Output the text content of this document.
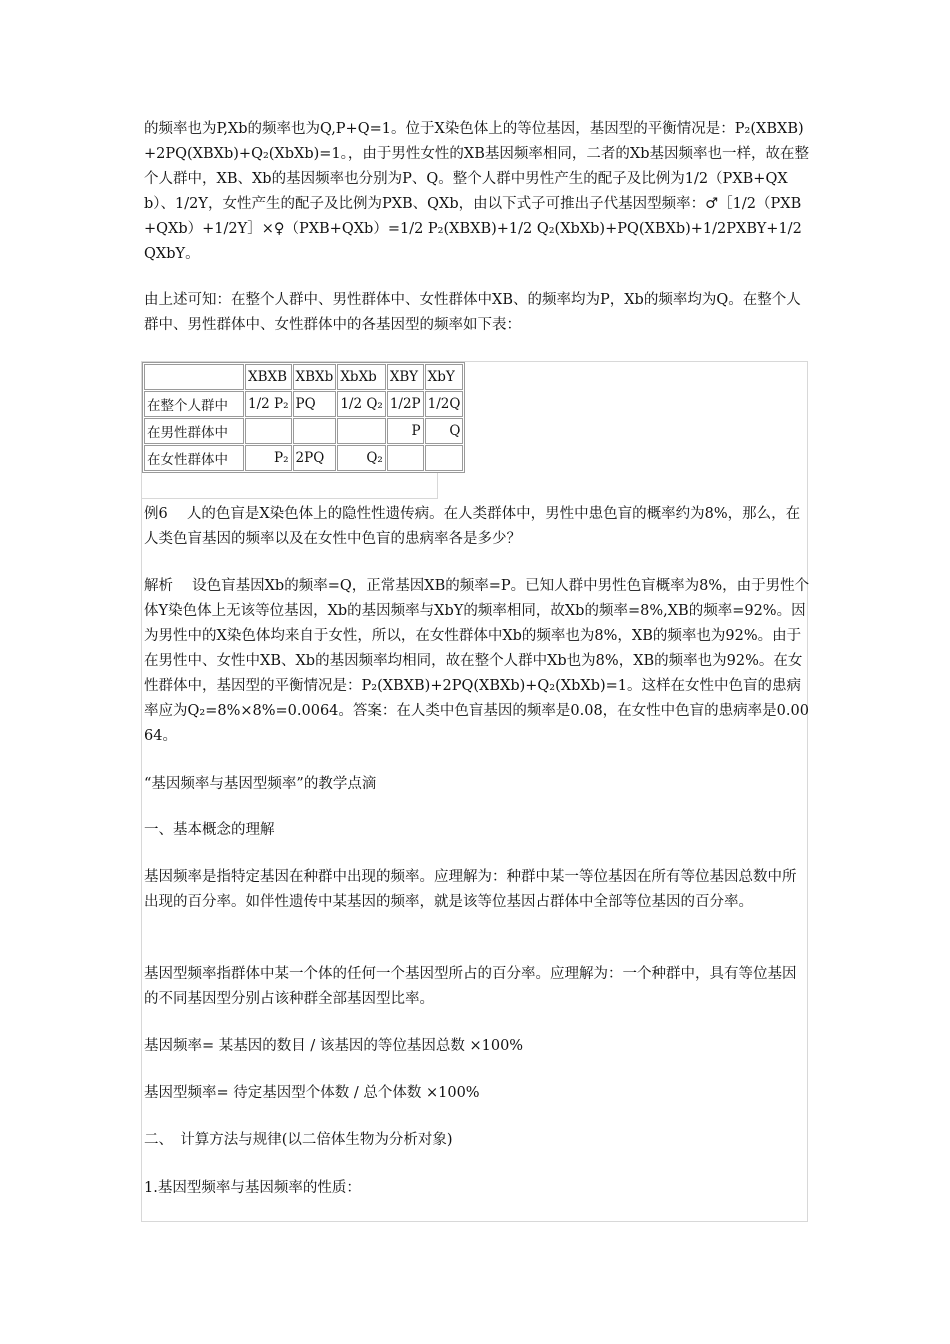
的频率也为P,Xb的频率也为Q,P+Q=1。位于X染色体上的等位基因，基因型的平衡情况是：P₂(XBXB)+2PQ(XBXb)+Q₂(XbXb)=1。，由于男性女性的XB基因频率相同，二者的Xb基因频率也一样，故在整个人群中，XB、Xb的基因频率也分别为P、Q。整个人群中男性产生的配子及比例为1/2（PXB+QXb）、1/2Y，女性产生的配子及比例为PXB、QXb，由以下式子可推出子代基因型频率：♂［1/2（PXB+QXb）+1/2Y］×♀（PXB+QXb）=1/2 P₂(XBXB)+1/2 Q₂(XbXb)+PQ(XBXb)+1/2PXBY+1/2QXbY。

由上述可知：在整个人群中、男性群体中、女性群体中XB、的频率均为P，Xb的频率均为Q。在整个人群中、男性群体中、女性群体中的各基因型的频率如下表：

	XBXB	XBXb	XbXb	XBY	XbY
在整个人群中	1/2 P₂	PQ	1/2 Q₂	1/2P	1/2Q
在男性群体中				P	Q
在女性群体中	P₂	2PQ	Q₂		

例6　 人的色盲是X染色体上的隐性性遗传病。在人类群体中，男性中患色盲的概率约为8%，那么，在人类色盲基因的频率以及在女性中色盲的患病率各是多少？

解析　 设色盲基因Xb的频率=Q，正常基因XB的频率=P。已知人群中男性色盲概率为8%，由于男性个体Y染色体上无该等位基因，Xb的基因频率与XbY的频率相同，故Xb的频率=8%,XB的频率=92%。因为男性中的X染色体均来自于女性，所以，在女性群体中Xb的频率也为8%，XB的频率也为92%。由于在男性中、女性中XB、Xb的基因频率均相同，故在整个人群中Xb也为8%，XB的频率也为92%。在女性群体中，基因型的平衡情况是：P₂(XBXB)+2PQ(XBXb)+Q₂(XbXb)=1。这样在女性中色盲的患病率应为Q₂=8%×8%=0.0064。答案：在人类中色盲基因的频率是0.08，在女性中色盲的患病率是0.0064。

“基因频率与基因型频率”的教学点滴

一、基本概念的理解

基因频率是指特定基因在种群中出现的频率。应理解为：种群中某一等位基因在所有等位基因总数中所出现的百分率。如伴性遗传中某基因的频率，就是该等位基因占群体中全部等位基因的百分率。

基因型频率指群体中某一个体的任何一个基因型所占的百分率。应理解为：一个种群中，具有等位基因的不同基因型分别占该种群全部基因型比率。

基因频率= 某基因的数目 / 该基因的等位基因总数 ×100%

基因型频率= 待定基因型个体数 / 总个体数 ×100%

二、　计算方法与规律(以二倍体生物为分析对象)

1.基因型频率与基因频率的性质：
